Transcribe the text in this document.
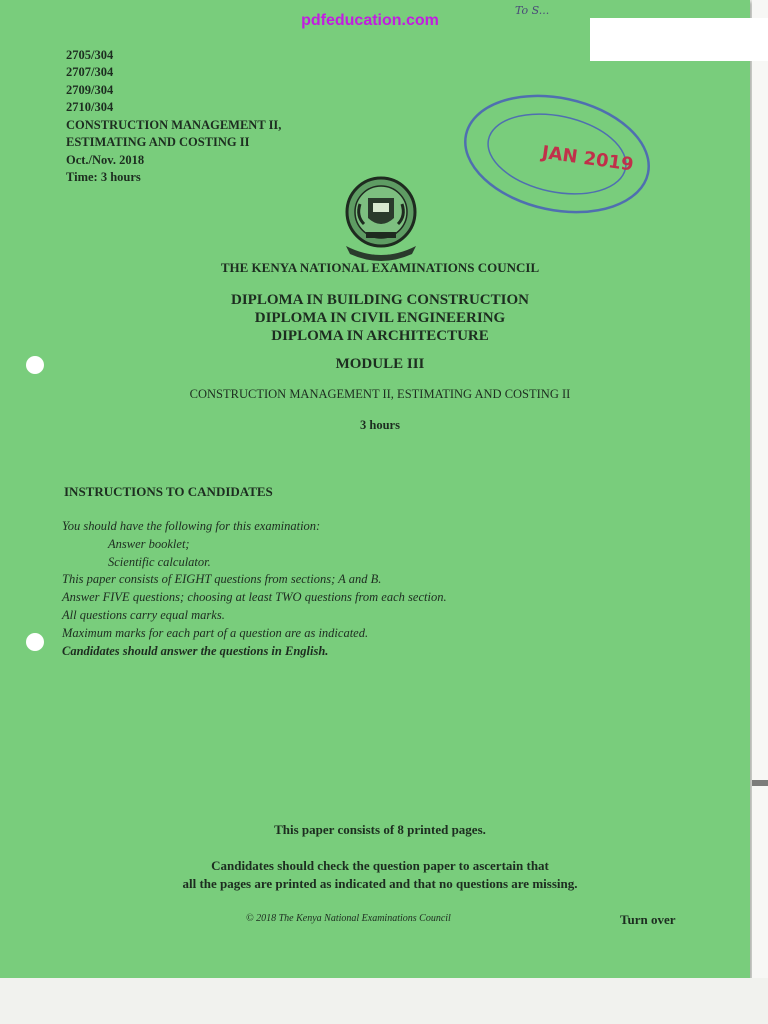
To S...
pdfeducation.com
2705/304
2707/304
2709/304
2710/304
CONSTRUCTION MANAGEMENT II,
ESTIMATING AND COSTING II
Oct./Nov. 2018
Time: 3 hours
JAN 2019
THE KENYA NATIONAL EXAMINATIONS COUNCIL
DIPLOMA IN BUILDING CONSTRUCTION
DIPLOMA IN CIVIL ENGINEERING
DIPLOMA IN ARCHITECTURE
MODULE III
CONSTRUCTION MANAGEMENT II, ESTIMATING AND COSTING II
3 hours
INSTRUCTIONS TO CANDIDATES
You should have the following for this examination:
Answer booklet;
Scientific calculator.
This paper consists of EIGHT questions from sections; A and B.
Answer FIVE questions; choosing at least TWO questions from each section.
All questions carry equal marks.
Maximum marks for each part of a question are as indicated.
Candidates should answer the questions in English.
This paper consists of 8 printed pages.
Candidates should check the question paper to ascertain that
all the pages are printed as indicated and that no questions are missing.
© 2018 The Kenya National Examinations Council	Turn over
